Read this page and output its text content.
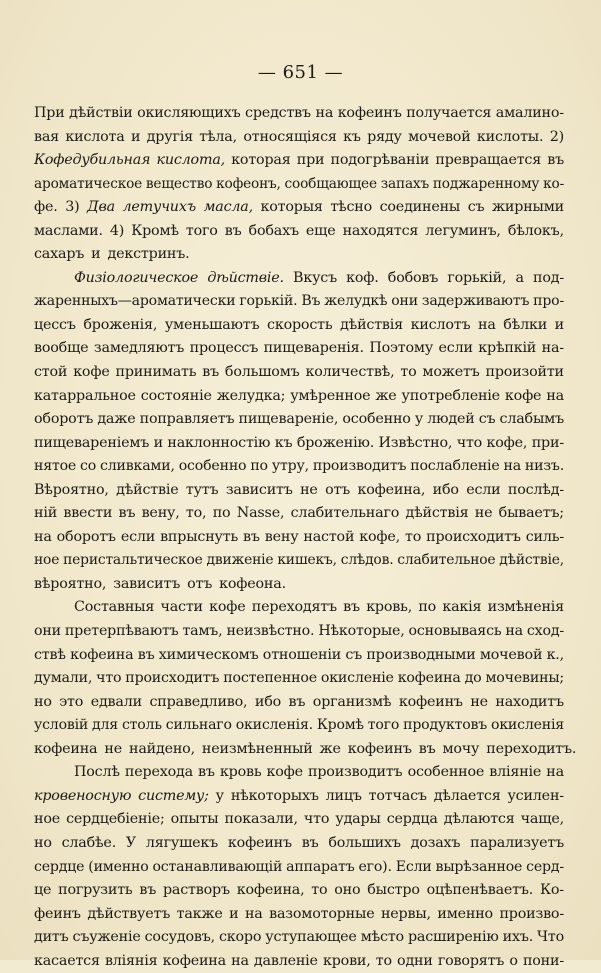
— 651 —
При дѣйствіи окисляющихъ средствъ на кофеинъ получается амалино-
вая кислота и другія тѣла, относящіяся къ ряду мочевой кислоты. 2)
Кофедубильная кислота, которая при подогрѣваніи превращается въ
ароматическое вещество кофеонъ, сообщающее запахъ поджаренному ко-
фе. 3) Два летучихъ масла, которыя тѣсно соединены съ жирными
маслами. 4) Кромѣ того въ бобахъ еще находятся легуминъ, бѣлокъ,
сахаръ и декстринъ.
Физіологическое дѣйствіе. Вкусъ коф. бобовъ горькій, а под-
жаренныхъ—ароматически горькій. Въ желудкѣ они задерживаютъ про-
цессъ броженія, уменьшаютъ скорость дѣйствія кислотъ на бѣлки и
вообще замедляютъ процессъ пищеваренія. Поэтому если крѣпкій на-
стой кофе принимать въ большомъ количествѣ, то можетъ произойти
катарральное состояніе желудка; умѣренное же употребленіе кофе на
оборотъ даже поправляетъ пищевареніе, особенно у людей съ слабымъ
пищевареніемъ и наклонностію къ броженію. Извѣстно, что кофе, при-
нятое со сливками, особенно по утру, производитъ послабленіе на низъ.
Вѣроятно, дѣйствіе тутъ зависитъ не отъ кофеина, ибо если послѣд-
ній ввести въ вену, то, по Nasse, слабительнаго дѣйствія не бываетъ;
на оборотъ если впрыснуть въ вену настой кофе, то происходитъ силь-
ное перистальтическое движеніе кишекъ, слѣдов. слабительное дѣйствіе,
вѣроятно, зависитъ отъ кофеона.
Составныя части кофе переходятъ въ кровь, по какія измѣненія
они претерпѣваютъ тамъ, неизвѣстно. Нѣкоторые, основываясь на сход-
ствѣ кофеина въ химическомъ отношеніи съ производными мочевой к.,
думали, что происходитъ постепенное окисленіе кофеина до мочевины;
но это едвали справедливо, ибо въ организмѣ кофеинъ не находитъ
условій для столь сильнаго окисленія. Кромѣ того продуктовъ окисленія
кофеина не найдено, неизмѣненный же кофеинъ въ мочу переходитъ.
Послѣ перехода въ кровь кофе производитъ особенное вліяніе на
кровеносную систему; у нѣкоторыхъ лицъ тотчасъ дѣлается усилен-
ное сердцебіеніе; опыты показали, что удары сердца дѣлаются чаще,
но слабѣе. У лягушекъ кофеинъ въ большихъ дозахъ парализуетъ
сердце (именно останавливающій аппаратъ его). Если вырѣзанное серд-
це погрузить въ растворъ кофеина, то оно быстро оцѣпенѣваетъ. Ко-
феинъ дѣйствуетъ также и на вазомоторные нервы, именно произво-
дитъ съуженіе сосудовъ, скоро уступающее мѣсто расширенію ихъ. Что
касается вліянія кофеина на давленіе крови, то одни говорятъ о пони-
